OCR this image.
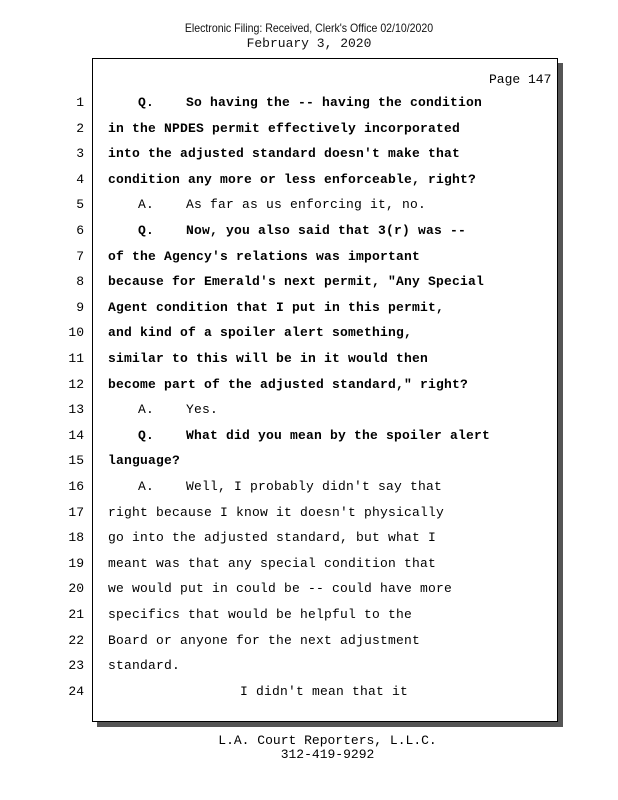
Electronic Filing: Received, Clerk's Office 02/10/2020
February 3, 2020
Page 147
1	Q.    So having the -- having the condition
2 in the NPDES permit effectively incorporated
3 into the adjusted standard doesn't make that
4 condition any more or less enforceable, right?
5	A.    As far as us enforcing it, no.
6	Q.    Now, you also said that 3(r) was --
7 of the Agency's relations was important
8 because for Emerald's next permit, "Any Special
9 Agent condition that I put in this permit,
10 and kind of a spoiler alert something,
11 similar to this will be in it would then
12 become part of the adjusted standard," right?
13	A.    Yes.
14	Q.    What did you mean by the spoiler alert
15 language?
16	A.    Well, I probably didn't say that
17 right because I know it doesn't physically
18 go into the adjusted standard, but what I
19 meant was that any special condition that
20 we would put in could be -- could have more
21 specifics that would be helpful to the
22 Board or anyone for the next adjustment
23 standard.
24	I didn't mean that it
L.A. Court Reporters, L.L.C.
312-419-9292
